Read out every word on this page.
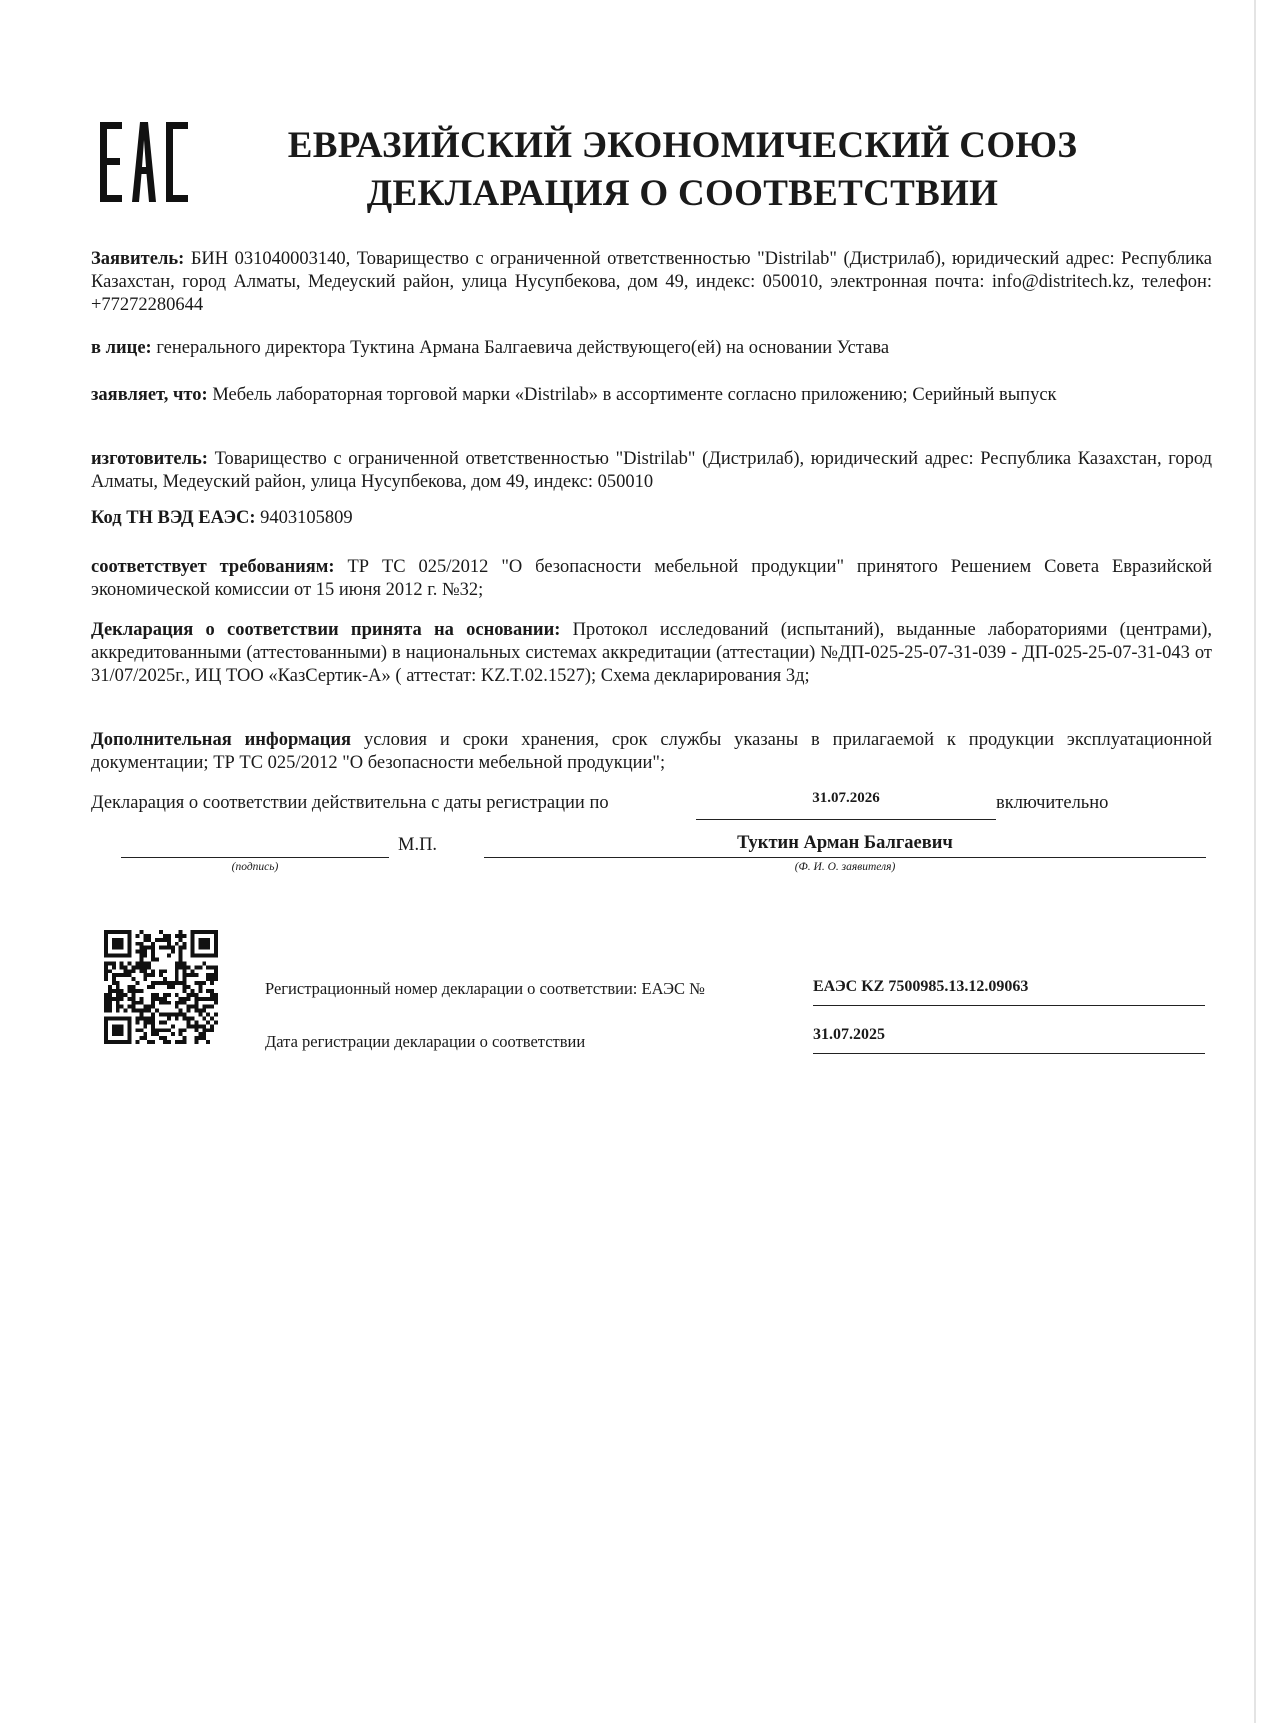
ЕВРАЗИЙСКИЙ ЭКОНОМИЧЕСКИЙ СОЮЗ
ДЕКЛАРАЦИЯ О СООТВЕТСТВИИ
Заявитель: БИН 031040003140, Товарищество с ограниченной ответственностью "Distrilab" (Дистрилаб), юридический адрес: Республика Казахстан, город Алматы, Медеуский район, улица Нусупбекова, дом 49, индекс: 050010, электронная почта: info@distritech.kz, телефон: +77272280644
в лице: генерального директора Туктина Армана Балгаевича действующего(ей) на основании Устава
заявляет, что: Мебель лабораторная торговой марки «Distrilab» в ассортименте согласно приложению; Серийный выпуск
изготовитель: Товарищество с ограниченной ответственностью "Distrilab" (Дистрилаб), юридический адрес: Республика Казахстан, город Алматы, Медеуский район, улица Нусупбекова, дом 49, индекс: 050010
Код ТН ВЭД ЕАЭС: 9403105809
соответствует требованиям: ТР ТС 025/2012 "О безопасности мебельной продукции" принятого Решением Совета Евразийской экономической комиссии от 15 июня 2012 г. №32;
Декларация о соответствии принята на основании: Протокол исследований (испытаний), выданные лабораториями (центрами), аккредитованными (аттестованными) в национальных системах аккредитации (аттестации) №ДП-025-25-07-31-039 - ДП-025-25-07-31-043 от 31/07/2025г., ИЦ ТОО «КазСертик-А» ( аттестат: KZ.T.02.1527); Схема декларирования 3д;
Дополнительная информация условия и сроки хранения, срок службы указаны в прилагаемой к продукции эксплуатационной документации; ТР ТС 025/2012 "О безопасности мебельной продукции";
Декларация о соответствии действительна с даты регистрации по	31.07.2026	включительно
М.П.	Туктин Арман Балгаевич
(подпись)	(Ф. И. О. заявителя)
Регистрационный номер декларации о соответствии: ЕАЭС №	ЕАЭС KZ 7500985.13.12.09063
Дата регистрации декларации о соответствии	31.07.2025
